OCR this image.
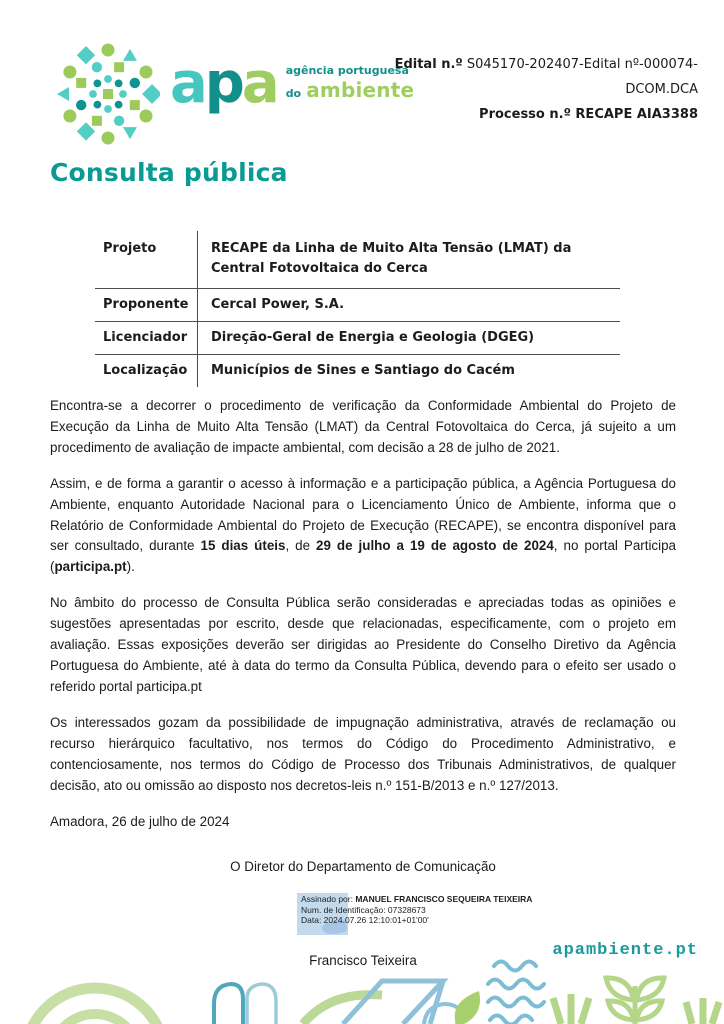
apa agência portuguesa
do ambiente
Edital n.º S045170-202407-Edital nº-000074-
DCOM.DCA
Processo n.º RECAPE AIA3388
Consulta pública
Projeto	RECAPE da Linha de Muito Alta Tensão (LMAT) da Central Fotovoltaica do Cerca
Proponente	Cercal Power, S.A.
Licenciador	Direção-Geral de Energia e Geologia (DGEG)
Localização	Municípios de Sines e Santiago do Cacém

Encontra-se a decorrer o procedimento de verificação da Conformidade Ambiental do Projeto de Execução da Linha de Muito Alta Tensão (LMAT) da Central Fotovoltaica do Cerca, já sujeito a um procedimento de avaliação de impacte ambiental, com decisão a 28 de julho de 2021.

Assim, e de forma a garantir o acesso à informação e a participação pública, a Agência Portuguesa do Ambiente, enquanto Autoridade Nacional para o Licenciamento Único de Ambiente, informa que o Relatório de Conformidade Ambiental do Projeto de Execução (RECAPE), se encontra disponível para ser consultado, durante 15 dias úteis, de 29 de julho a 19 de agosto de 2024, no portal Participa (participa.pt).

No âmbito do processo de Consulta Pública serão consideradas e apreciadas todas as opiniões e sugestões apresentadas por escrito, desde que relacionadas, especificamente, com o projeto em avaliação. Essas exposições deverão ser dirigidas ao Presidente do Conselho Diretivo da Agência Portuguesa do Ambiente, até à data do termo da Consulta Pública, devendo para o efeito ser usado o referido portal participa.pt

Os interessados gozam da possibilidade de impugnação administrativa, através de reclamação ou recurso hierárquico facultativo, nos termos do Código do Procedimento Administrativo, e contenciosamente, nos termos do Código de Processo dos Tribunais Administrativos, de qualquer decisão, ato ou omissão ao disposto nos decretos-leis n.º 151-B/2013 e n.º 127/2013.

Amadora, 26 de julho de 2024

O Diretor do Departamento de Comunicação
Assinado por: MANUEL FRANCISCO SEQUEIRA TEIXEIRA
Num. de Identificação: 07328673
Data: 2024.07.26 12:10:01+01'00'
Francisco Teixeira
apambiente.pt
